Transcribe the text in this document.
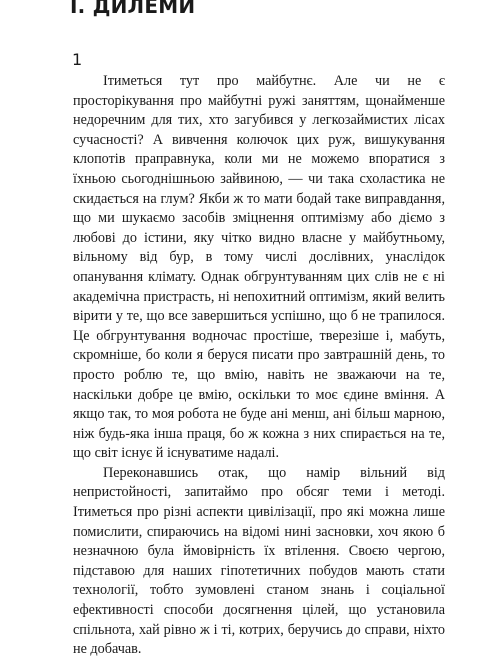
I. ДИЛЕМИ
1

Ітиметься тут про майбутнє. Але чи не є просторікування про майбутні ружі заняттям, щонайменше недоречним для тих, хто загубився у легкозаймистих лісах сучасності? А вивчення колючок цих руж, вишукування клопотів праправнука, коли ми не можемо впоратися з їхньою сьогоднішньою зайвиною, — чи така схоластика не скидається на глум? Якби ж то мати бодай таке виправдання, що ми шукаємо засобів зміцнення оптимізму або діємо з любові до істини, яку чітко видно власне у майбутньому, вільному від бур, в тому числі дослівних, унаслідок опанування клімату. Однак обгрунтуванням цих слів не є ні академічна пристрасть, ні непохитний оптимізм, який велить вірити у те, що все завершиться успішно, що б не трапилося. Це обгрунтування водночас простіше, тверезіше і, мабуть, скромніше, бо коли я беруся писати про завтрашній день, то просто роблю те, що вмію, навіть не зважаючи на те, наскільки добре це вмію, оскільки то моє єдине вміння. А якщо так, то моя робота не буде ані менш, ані більш марною, ніж будь-яка інша праця, бо ж кожна з них спирається на те, що світ існує й існуватиме надалі.

Переконавшись отак, що намір вільний від непристойності, запитаймо про обсяг теми і методі. Ітиметься про різні аспекти цивілізації, про які можна лише помислити, спираючись на відомі нині засновки, хоч якою б незначною була ймовірність їх втілення. Своєю чергою, підставою для наших гіпотетичних побудов мають стати технології, тобто зумовлені станом знань і соціальної ефективності способи досягнення цілей, що установила спільнота, хай рівно ж і ті, котрих, беручись до справи, ніхто не добачав.
